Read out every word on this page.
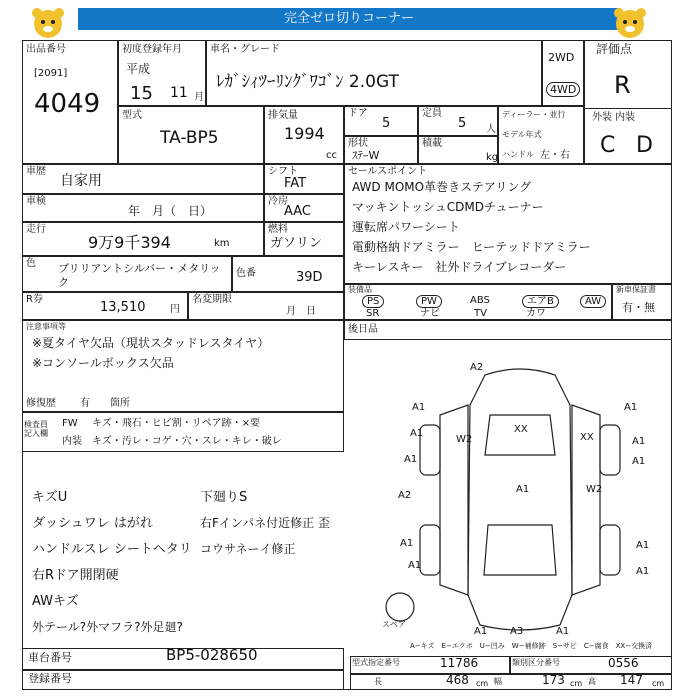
完全ゼロ切りコーナー
出品番号
[2091]
4049
初度登録年月
平成
15 11 月
車名・グレード
ﾚｶﾞｼｨﾂｰﾘﾝｸﾞﾜｺﾞﾝ 2.0GT
2WD
4WD
評価点
R
外装 内装
C D
型式
TA-BP5
排気量
1994
cc
ドア
5
定員
5 人
形状
ｽﾃｰW
積載
kg
ディーラー・並行
モデル年式
ハンドル 左・右
車歴
自家用
シフト
FAT
車検
年　月（　日）
冷房
AAC
走行
9万9千394	km
燃料
ガソリン
色 ブリリアントシルバー・メタリック
色番	39D
R券
13,510 円
名変期限
月　日
セールスポイント
AWD MOMO革巻きステアリング
マッキントッシュCDMDチューナー
運転席パワーシート
電動格納ドアミラー　ヒーテッドドアミラー
キーレスキー　社外ドライブレコーダー
装備品
PS	PW	ABS	エアB	AW
SR	ナビ	TV	カワ
新車保証書
有・無
注意事項等
※夏タイヤ欠品（現状スタッドレスタイヤ）
※コンソールボックス欠品
修復歴 有 箇所
後日品
検査員
記入欄
FW キズ・飛石・ヒビ割・リペア跡・×要
内装 キズ・汚レ・コゲ・穴・スレ・キレ・破レ
キズU
ダッシュワレ はがれ
ハンドルスレ シートヘタリ
右Rドア開閉硬
AWキズ
外テール?外マフラ?外足廻?
下廻りS
右Fインパネ付近修正 歪
コウサネーイ修正
A2
A1	A1
A1
A1
W2
A1
XX
XX
A1
W2
A1
A1
A2
A1
A1
A1
A1
A3	A1
スペア
A−キズ　E−エクボ　U−凹み　W−補修跡　S−サビ　C−腐食　XX−交換済
車台番号	BP5-028650
登録番号
型式指定番号	11786	類別区分番号	0556
長	468 cm 幅	173 cm 高 147 cm
